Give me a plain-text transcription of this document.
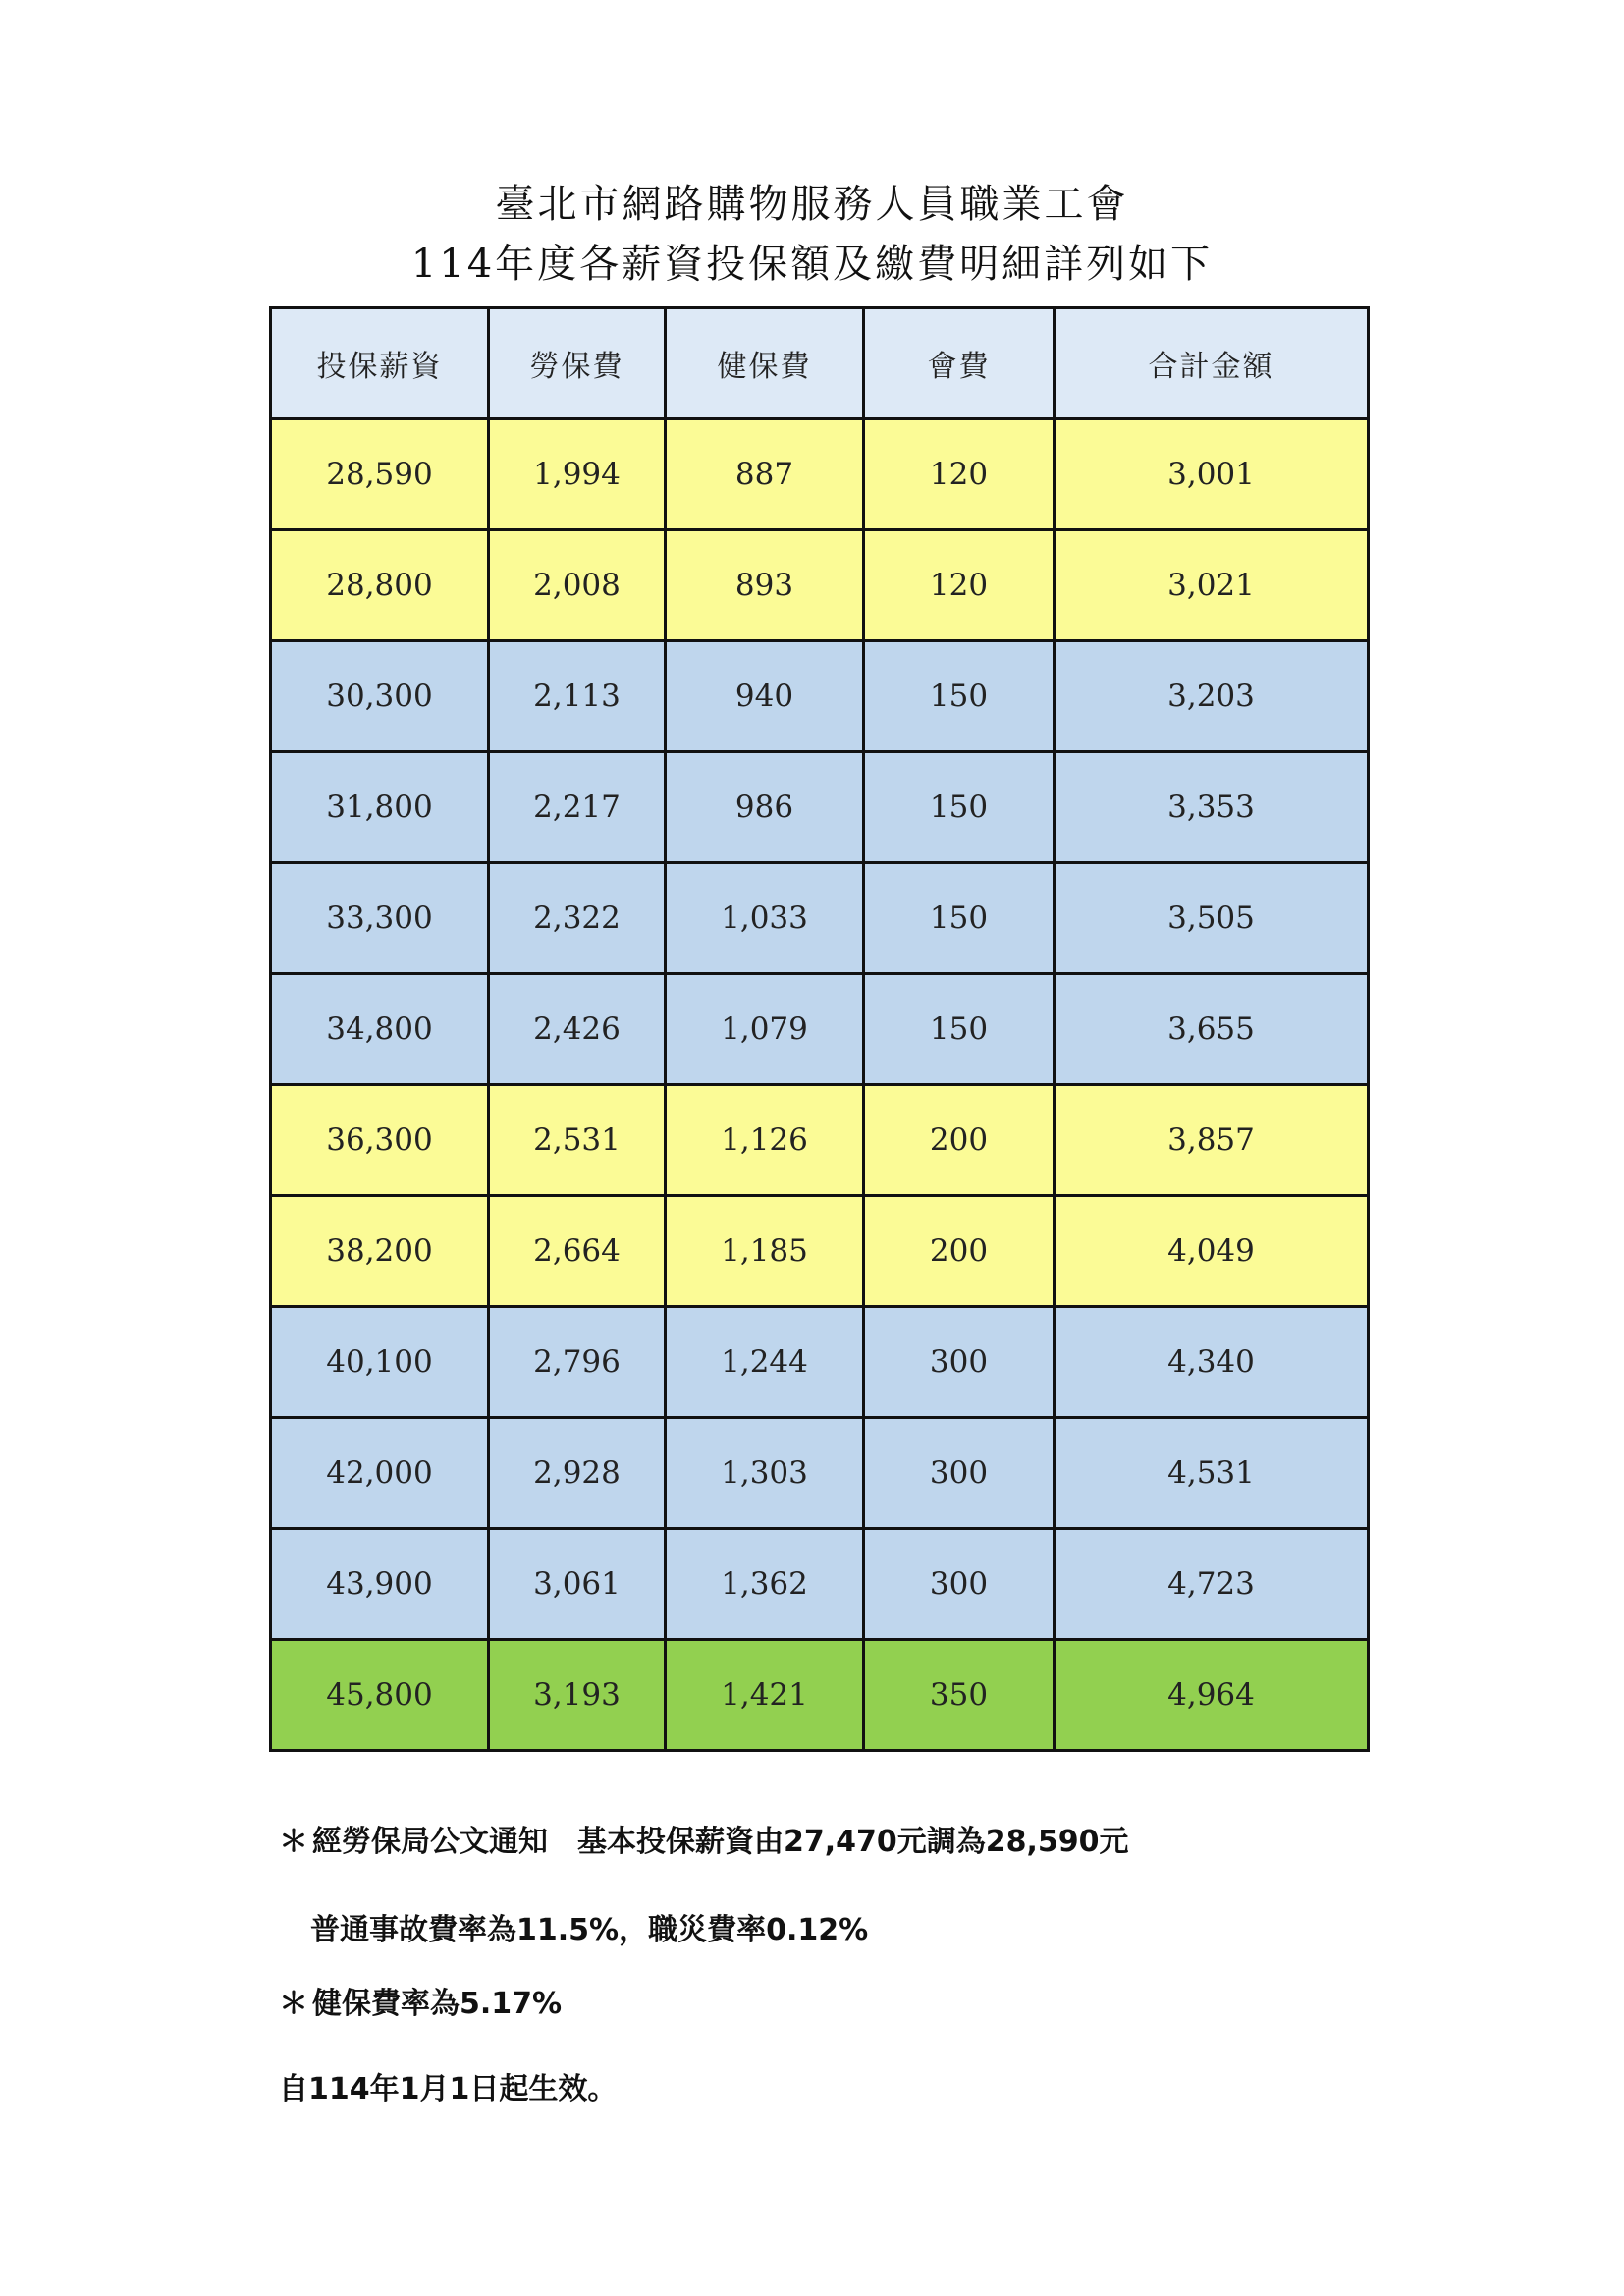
臺北市網路購物服務人員職業工會
114年度各薪資投保額及繳費明細詳列如下
投保薪資	勞保費	健保費	會費	合計金額
28,590	1,994	887	120	3,001
28,800	2,008	893	120	3,021
30,300	2,113	940	150	3,203
31,800	2,217	986	150	3,353
33,300	2,322	1,033	150	3,505
34,800	2,426	1,079	150	3,655
36,300	2,531	1,126	200	3,857
38,200	2,664	1,185	200	4,049
40,100	2,796	1,244	300	4,340
42,000	2,928	1,303	300	4,531
43,900	3,061	1,362	300	4,723
45,800	3,193	1,421	350	4,964
＊ 經勞保局公文通知　基本投保薪資由27,470元調為28,590元
普通事故費率為11.5%，職災費率0.12%
＊ 健保費率為5.17%
自114年1月1日起生效。
